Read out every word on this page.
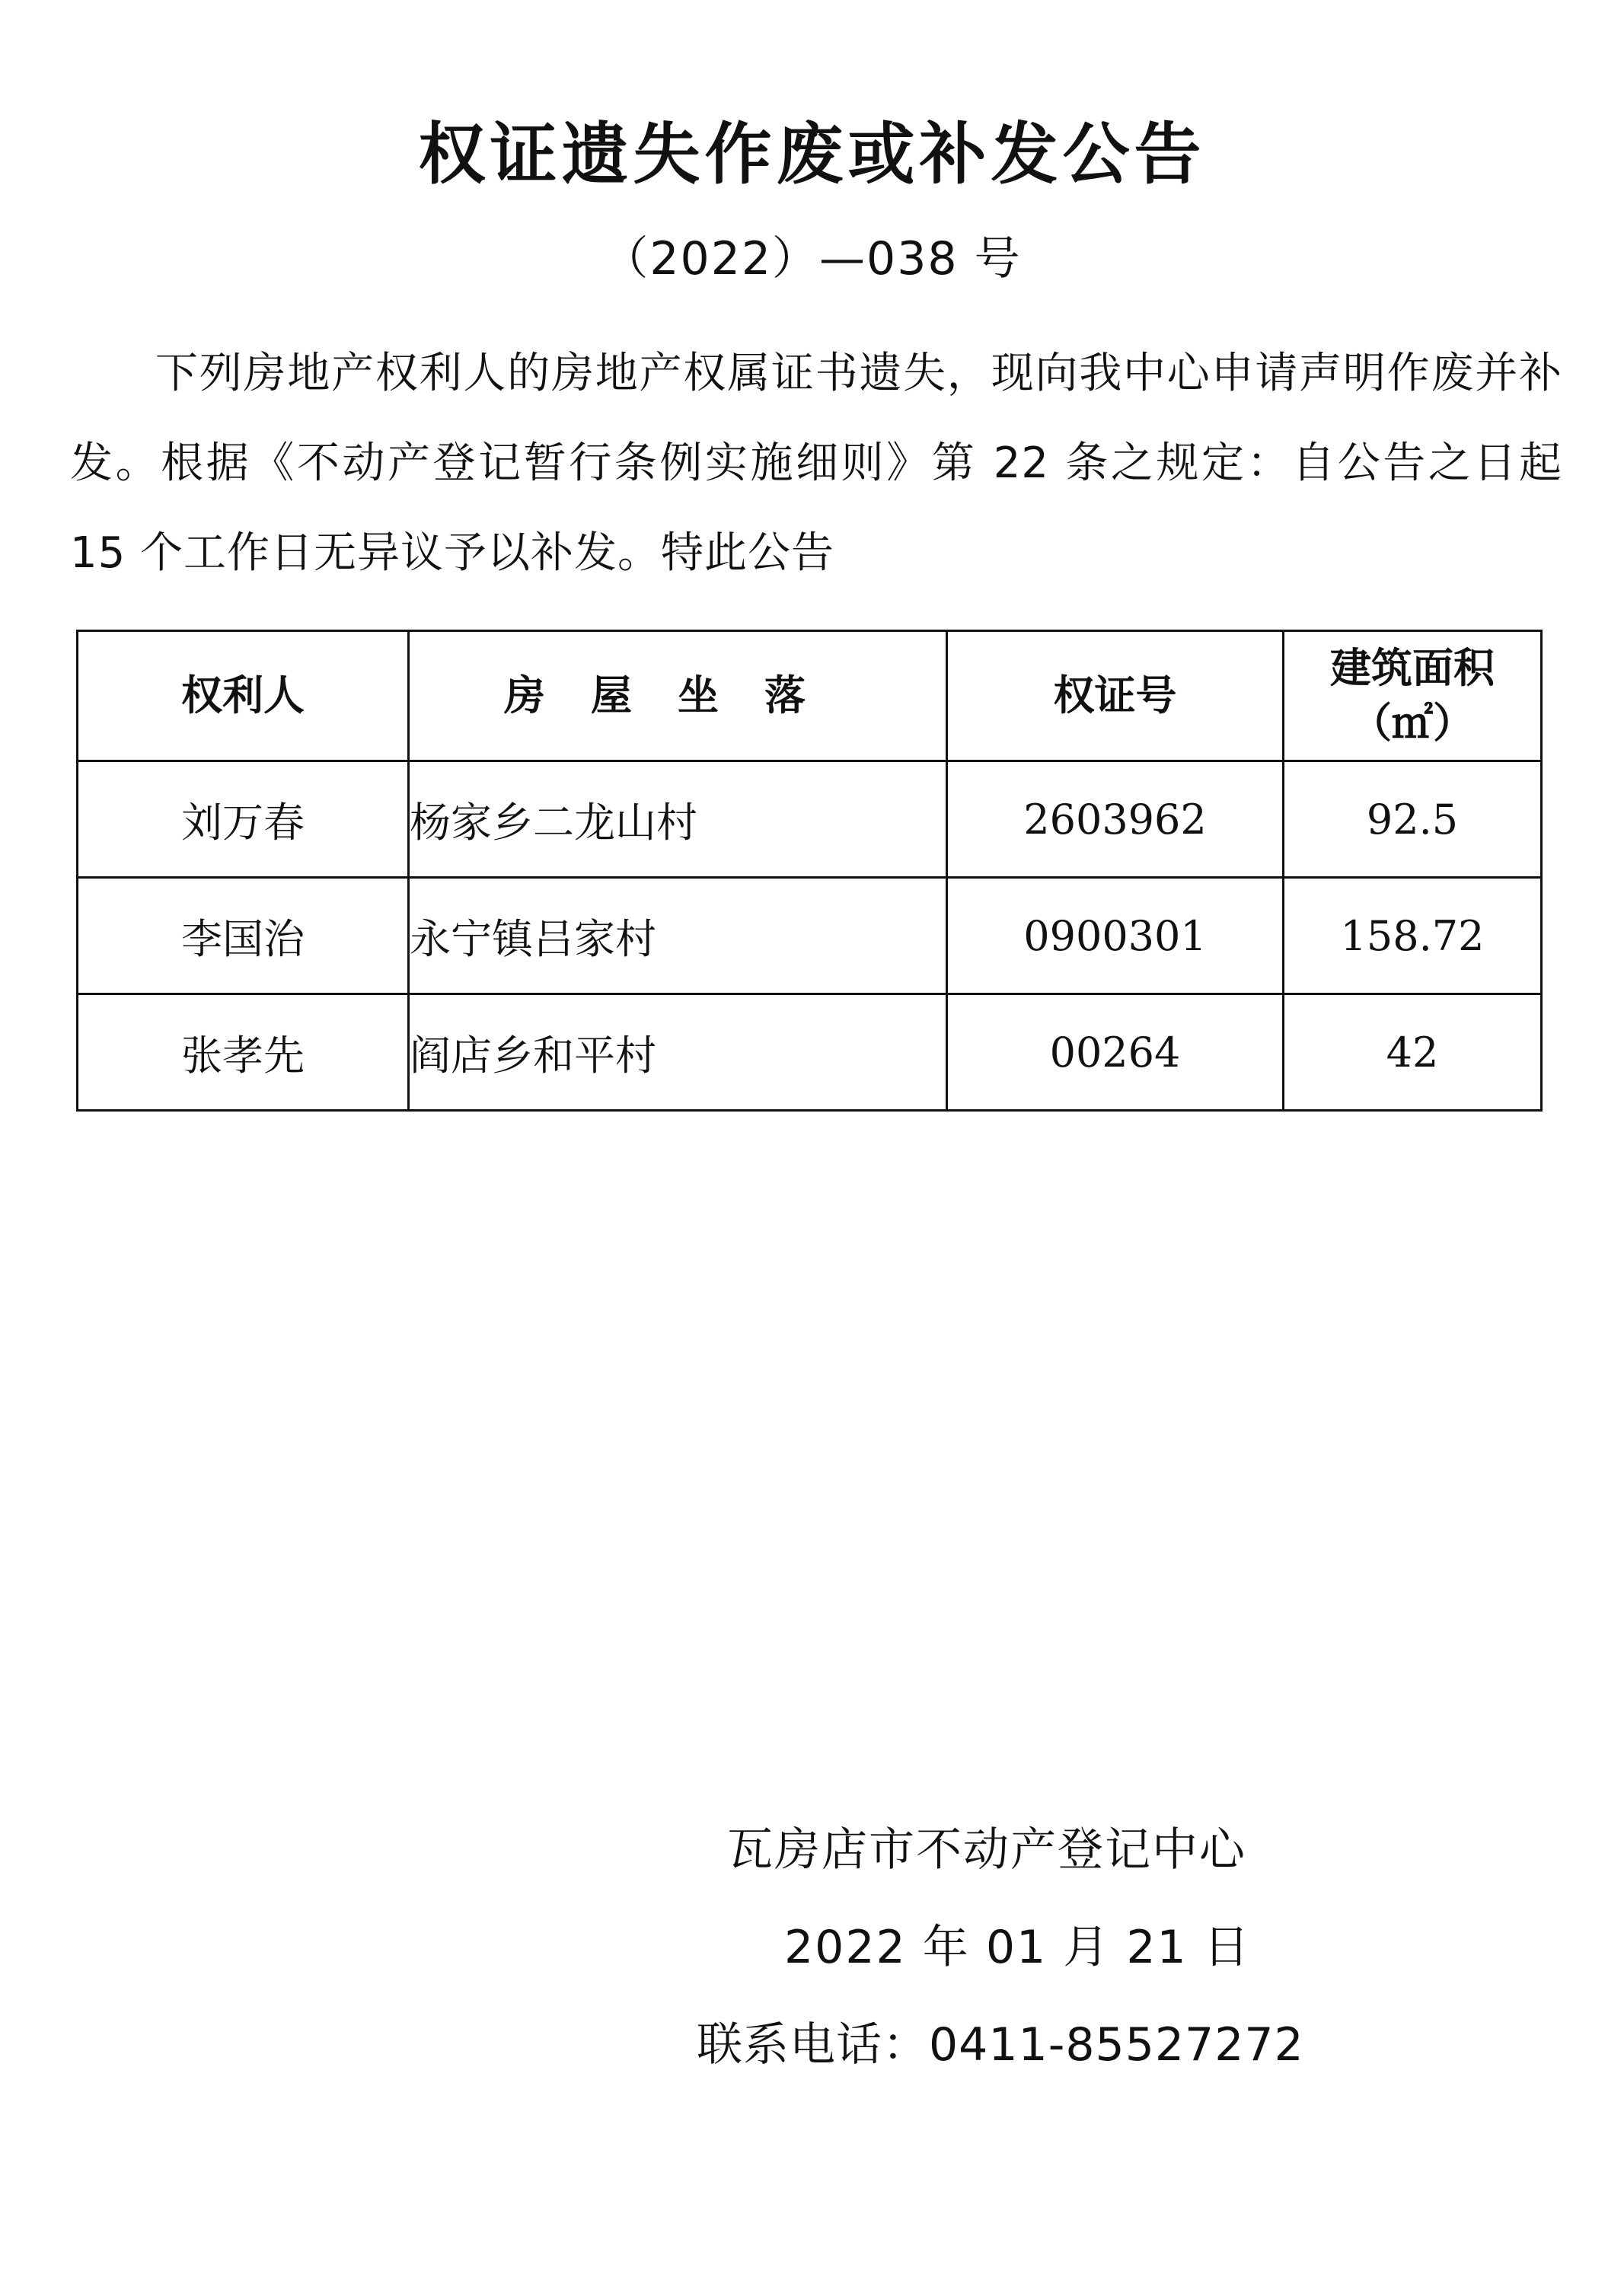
权证遗失作废或补发公告
（2022）—038 号
下列房地产权利人的房地产权属证书遗失，现向我中心申请声明作废并补发。根据《不动产登记暂行条例实施细则》第 22 条之规定：自公告之日起 15 个工作日无异议予以补发。特此公告
权利人	房屋坐落	权证号	建筑面积
（㎡）

刘万春	杨家乡二龙山村	2603962	92.5
李国治	永宁镇吕家村	0900301	158.72
张孝先	阎店乡和平村	00264	42
瓦房店市不动产登记中心
2022 年 01 月 21 日
联系电话：0411-85527272
